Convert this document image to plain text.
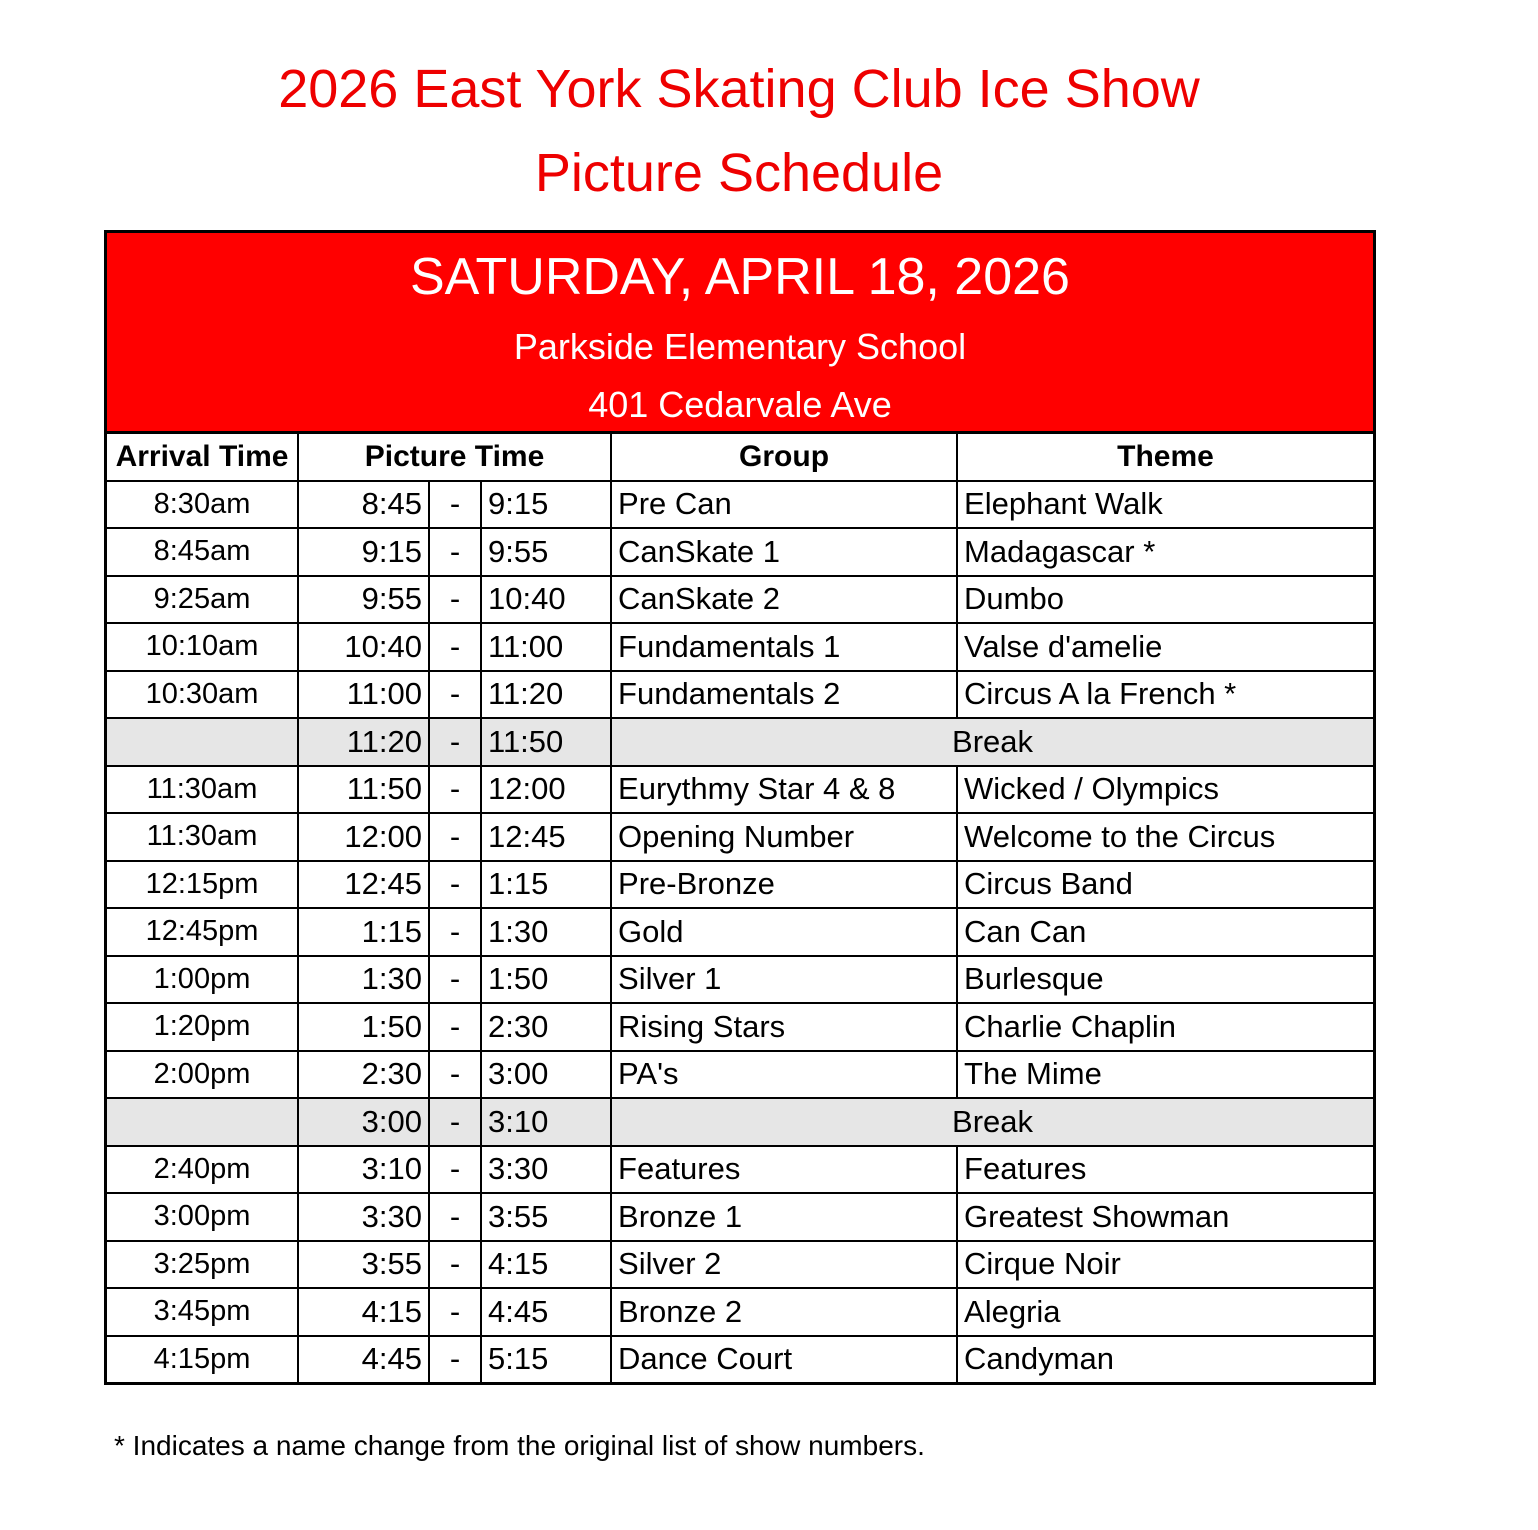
2026 East York Skating Club Ice Show
Picture Schedule
SATURDAY, APRIL 18, 2026
Parkside Elementary School
401 Cedarvale Ave
Arrival Time	Picture Time			Group	Theme
8:30am	8:45	-	9:15	Pre Can	Elephant Walk
8:45am	9:15	-	9:55	CanSkate 1	Madagascar *
9:25am	9:55	-	10:40	CanSkate 2	Dumbo
10:10am	10:40	-	11:00	Fundamentals 1	Valse d'amelie
10:30am	11:00	-	11:20	Fundamentals 2	Circus A la French *
	11:20	-	11:50	Break	
11:30am	11:50	-	12:00	Eurythmy Star 4 & 8	Wicked / Olympics
11:30am	12:00	-	12:45	Opening Number	Welcome to the Circus
12:15pm	12:45	-	1:15	Pre-Bronze	Circus Band
12:45pm	1:15	-	1:30	Gold	Can Can
1:00pm	1:30	-	1:50	Silver 1	Burlesque
1:20pm	1:50	-	2:30	Rising Stars	Charlie Chaplin
2:00pm	2:30	-	3:00	PA's	The Mime
	3:00	-	3:10	Break	
2:40pm	3:10	-	3:30	Features	Features
3:00pm	3:30	-	3:55	Bronze 1	Greatest Showman
3:25pm	3:55	-	4:15	Silver 2	Cirque Noir
3:45pm	4:15	-	4:45	Bronze 2	Alegria
4:15pm	4:45	-	5:15	Dance Court	Candyman
* Indicates a name change from the original list of show numbers.
